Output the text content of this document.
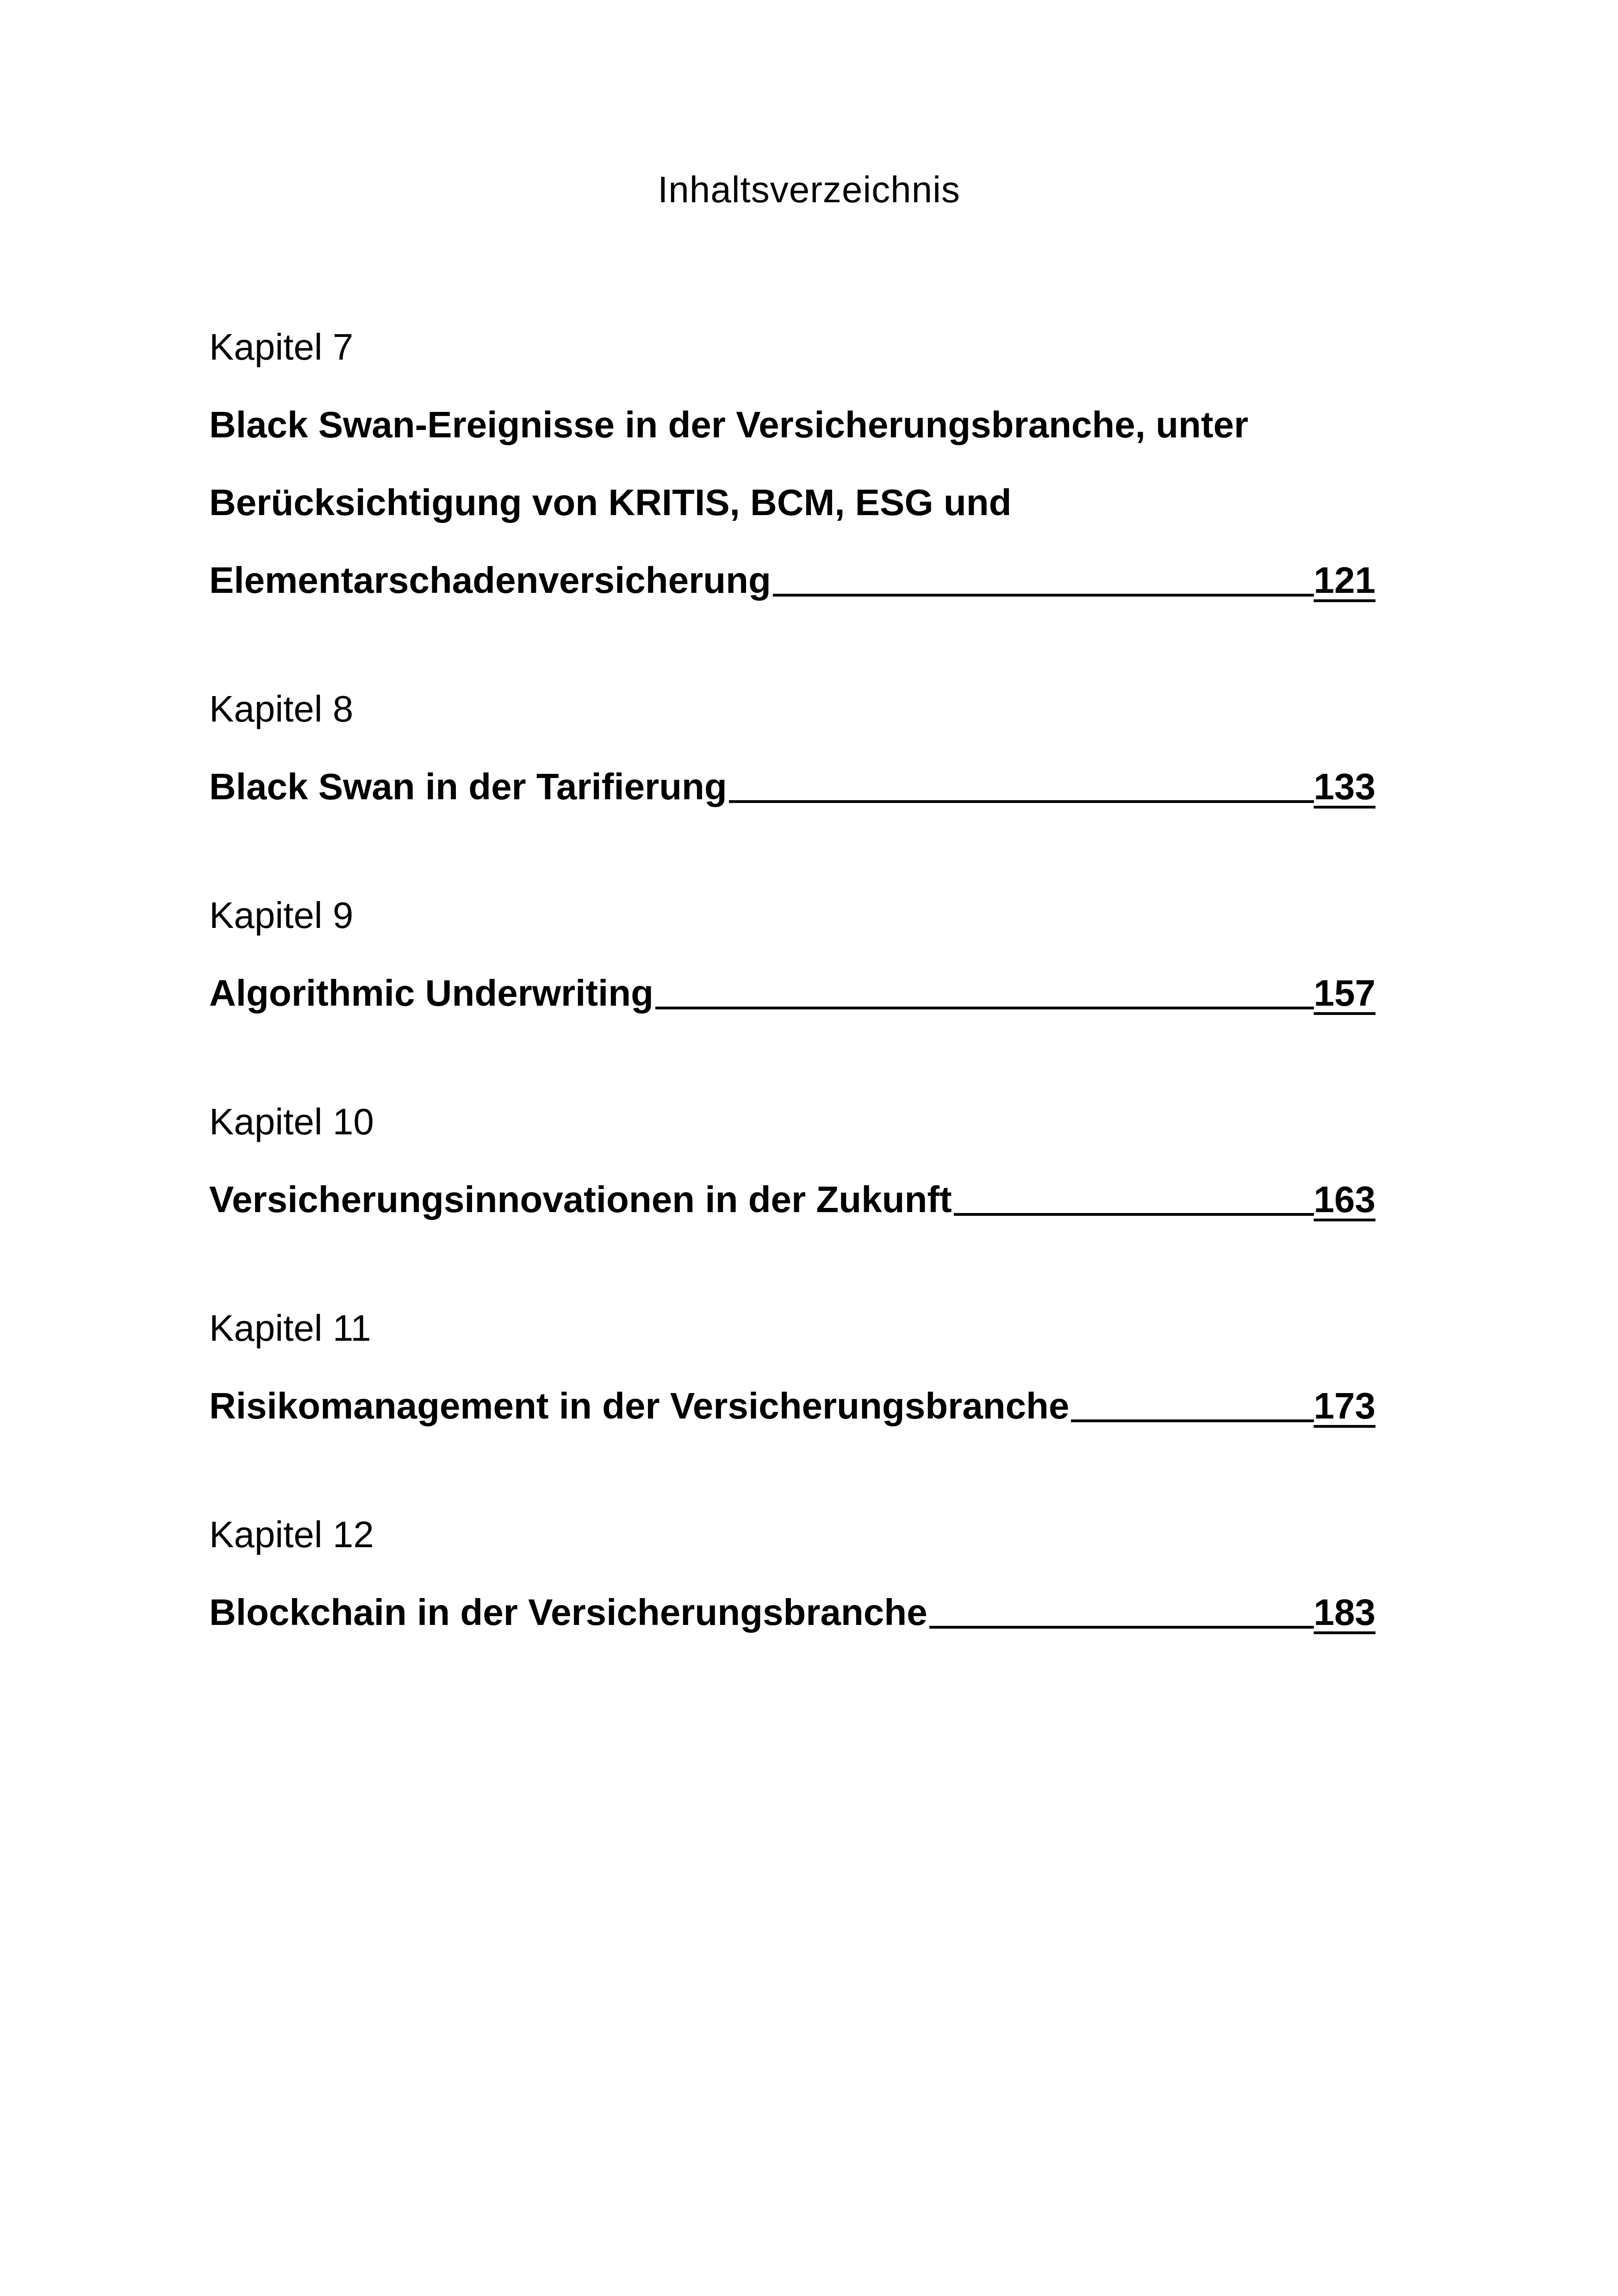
Inhaltsverzeichnis
Kapitel 7
Black Swan-Ereignisse in der Versicherungsbranche, unter
Berücksichtigung von KRITIS, BCM, ESG und
Elementarschadenversicherung	121
Kapitel 8
Black Swan in der Tarifierung	133
Kapitel 9
Algorithmic Underwriting	157
Kapitel 10
Versicherungsinnovationen in der Zukunft	163
Kapitel 11
Risikomanagement in der Versicherungsbranche	173
Kapitel 12
Blockchain in der Versicherungsbranche	183
